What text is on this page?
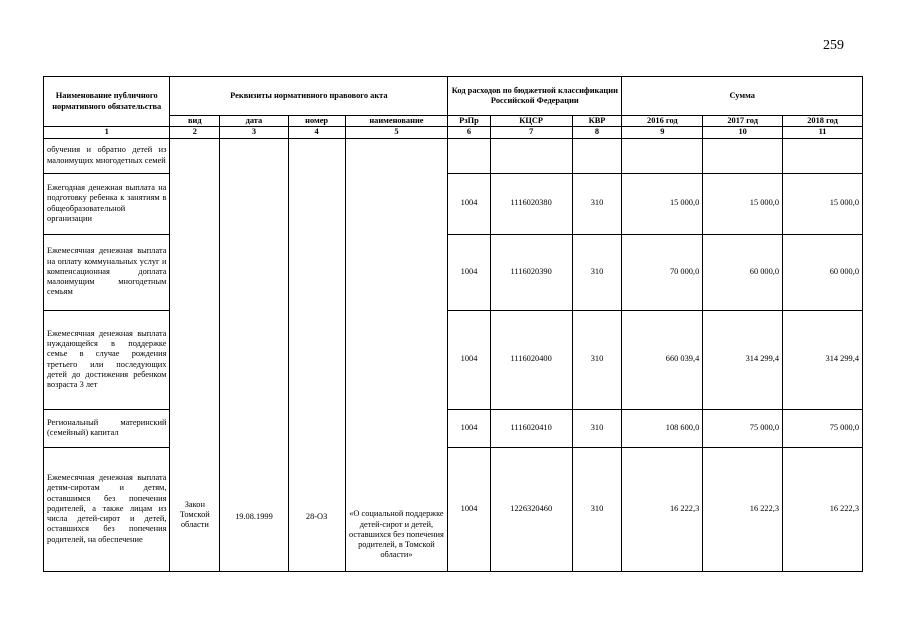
259
Наименование публичного нормативного обязательства	Реквизиты нормативного правового акта				Код расходов по бюджетной классификации Российской Федерации			Сумма		
	вид	дата	номер	наименование	РзПр	КЦСР	КВР	2016 год	2017 год	2018 год
1	2	3	4	5	6	7	8	9	10	11
обучения и обратно детей из малоимущих многодетных семей	Закон Томской области	19.08.1999	28-ОЗ	«О социальной поддержке детей-сирот и детей, оставшихся без попечения родителей, в Томской области»						
Ежегодная денежная выплата на подготовку ребенка к занятиям в общеобразовательной организации					1004	1116020380	310	15 000,0	15 000,0	15 000,0
Ежемесячная денежная выплата на оплату коммунальных услуг и компенсационная доплата малоимущим многодетным семьям					1004	1116020390	310	70 000,0	60 000,0	60 000,0
Ежемесячная денежная выплата нуждающейся в поддержке семье в случае рождения третьего или последующих детей до достижения ребенком возраста 3 лет					1004	1116020400	310	660 039,4	314 299,4	314 299,4
Региональный материнский (семейный) капитал					1004	1116020410	310	108 600,0	75 000,0	75 000,0
Ежемесячная денежная выплата детям-сиротам и детям, оставшимся без попечения родителей, а также лицам из числа детей-сирот и детей, оставшихся без попечения родителей, на обеспечение					1004	1226320460	310	16 222,3	16 222,3	16 222,3
